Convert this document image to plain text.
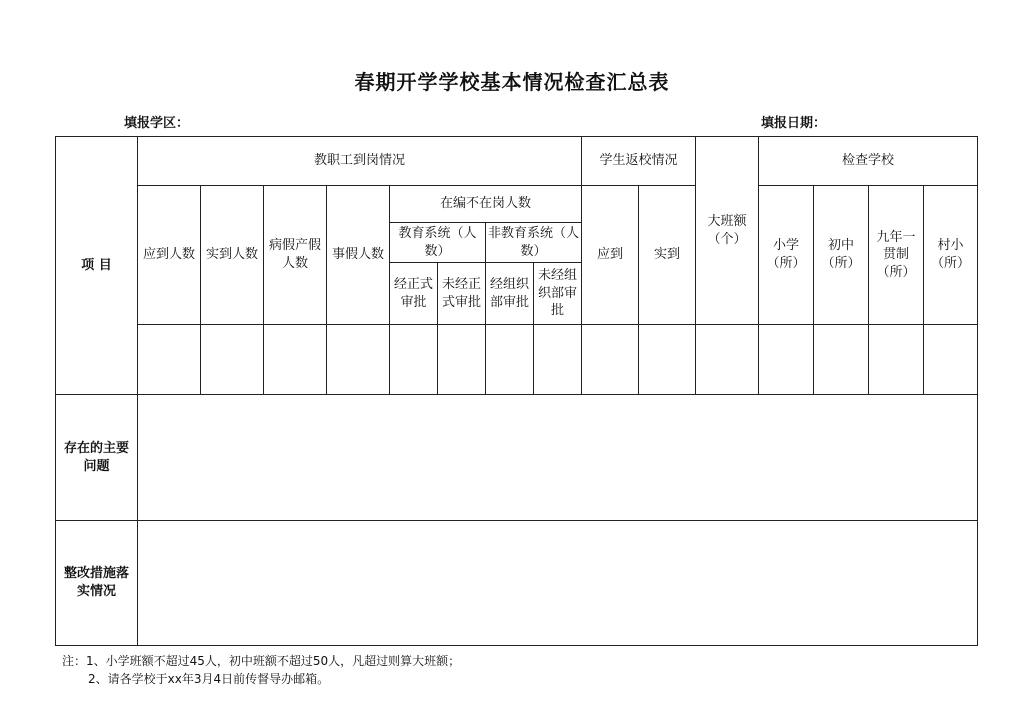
春期开学学校基本情况检查汇总表
填报学区：	填报日期：
项 目	教职工到岗情况								学生返校情况		大班额（个）	检查学校			
	应到人数	实到人数	病假产假人数	事假人数	在编不在岗人数				应到	实到		小学（所）	初中（所）	九年一贯制（所）	村小（所）
					教育系统（人数）		非教育系统（人数）								
					经正式审批	未经正式审批	经组织部审批	未经组织部审批							

存在的主要问题															
整改措施落实情况															
注：1、小学班额不超过45人，初中班额不超过50人，凡超过则算大班额；
2、请各学校于xx年3月4日前传督导办邮箱。
